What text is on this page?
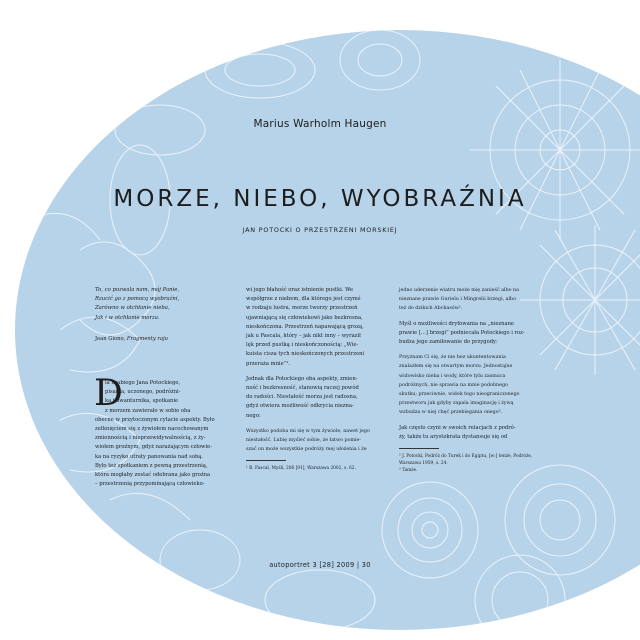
Marius Warholm Haugen
MORZE, NIEBO, WYOBRAŹNIA
JAN POTOCKI O PRZESTRZENI MORSKIEJ
To, co pozwala nam, mój Panie,
Rzucić go z pomocą wyobraźni,
Zarówno w otchłanie nieba,
Jak i w otchłanie morza.
Jean Giono, Fragmenty raju
D
la hrabiego Jana Potockiego,
pisarza, uczonego, podróżni-
ka i awanturnika, spotkanie
z morzem zawierało w sobie oba
obecne w przytoczonym cytacie aspekty. Było
zetknięciem się z żywiołem nacechowanym
zmiennością i nieprzewidywalnością, z ży-
wiołem groźnym, gdyż narażającym człowie-
ka na ryzyko utraty panowania nad sobą.
Było też spotkaniem z pewną przestrzenią,
która mogłaby zostać odebrana jako groźna
– przestrzenią przypominającą człowieko-

wi jego błahość oraz istnienie pustki. We
współgrze z niebem, dla którego jest czymś
w rodzaju lustra, morze tworzy przestrzeń
ujawniającą się człowiekowi jako bezkresna,
nieskończona. Przestrzeń napawającą grozą,
jak u Pascala, który – jak nikt inny – wyraził
lęk przed pustką i nieskończonością: „Wie-
kuista cisza tych nieskończonych przestrzeni
przeraża mnie”¹.

Jednak dla Potockiego oba aspekty, zmien-
ność i bezkresność, stanowią raczej powód
do radości. Niestałość morza jest radosna,
gdyż otwiera możliwość odkrycia niezna-
nego:

Wszystko podoba mi się w tym żywiole, nawet jego
niestałość. Lubię myśleć sobie, że łatwo pomie-
szać on może wszystkie podróży mej ułożenia i że

¹ B. Pascal, Myśli, 206 [91], Warszawa 2002, s. 62.

jedno uderzenie wiatru może mię zanieść albo na
nieznane prawie Gurielu i Mingrelii brzegi, albo
też do dzikich Abchasów².

Myśl o możliwości dryfowania na „nieznane
prawie […] brzegi” podniecała Potockiego i roz-
budza jego zamiłowanie do przygody:

Przyznam Ci się, że nie bez ukontentowania
znalazłem się na otwartym morzu. Jednostajne
widowisko nieba i wody, które tylu zasmuca
podróżnych, nie sprawia na mnie podobnego
skutku; przeciwnie, widok tego nieograniczonego
przestworu jak gdyby zapala imaginację i żywą
wzbudza w niej chęć przebiegania onego³.

Jak często czyni w swoich relacjach z podró-
ży, także tu arystokrata dystansuje się od

² J. Potocki, Podróż do Turek i do Egiptu, [w:] tenże, Podróże,
Warszawa 1959, s. 24.
³ Tamże.
autoportret 3 [28] 2009 | 30
